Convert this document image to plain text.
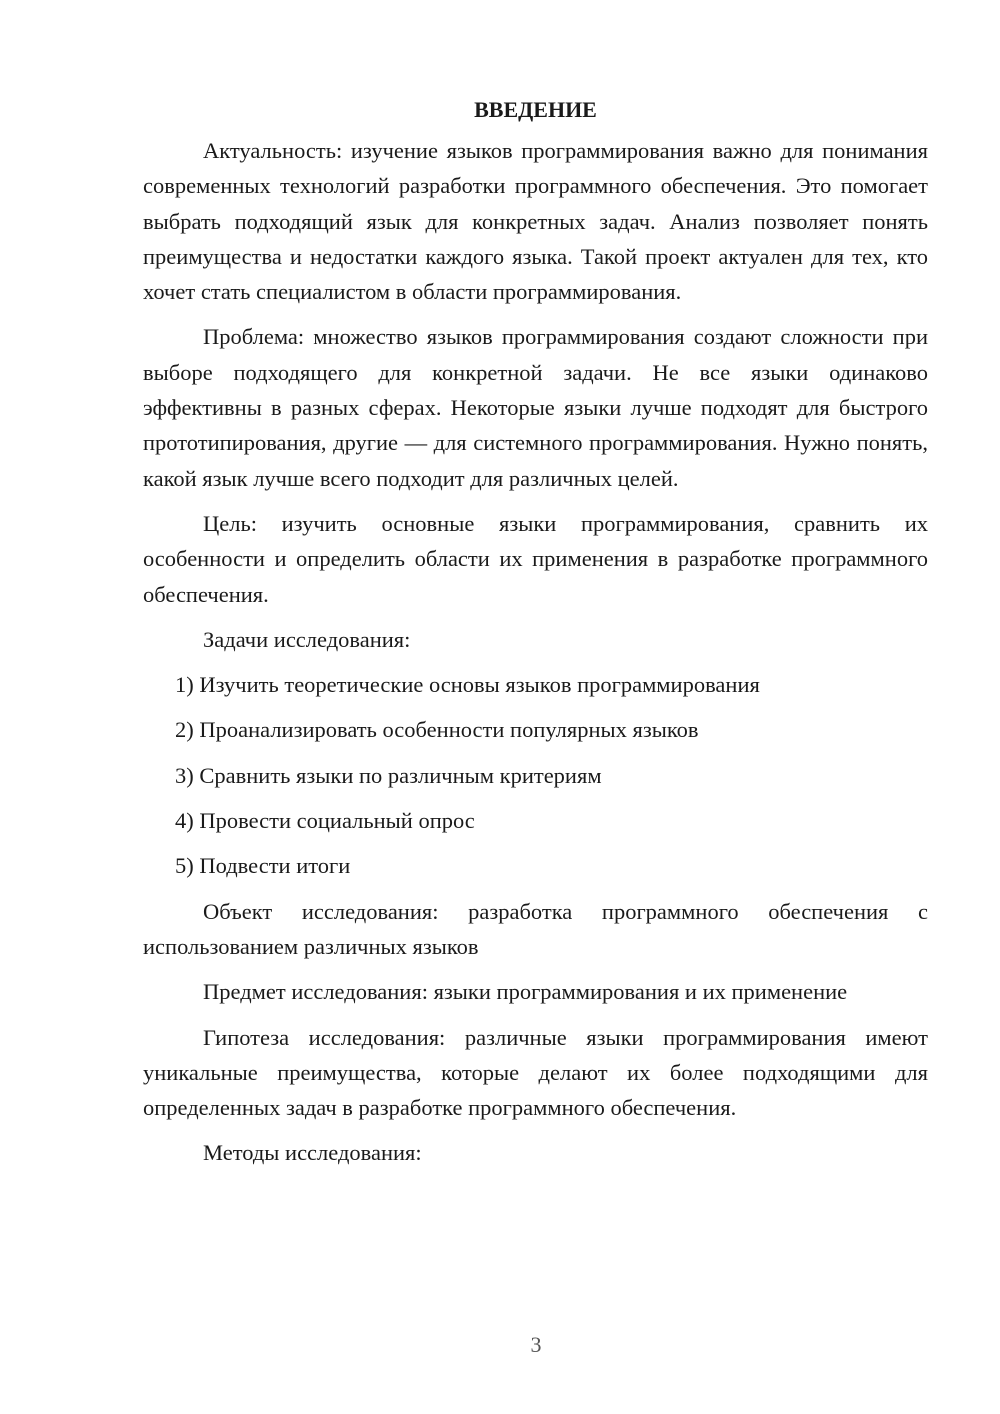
ВВЕДЕНИЕ

Актуальность: изучение языков программирования важно для понимания современных технологий разработки программного обеспечения. Это помогает выбрать подходящий язык для конкретных задач. Анализ позволяет понять преимущества и недостатки каждого языка. Такой проект актуален для тех, кто хочет стать специалистом в области программирования.

Проблема: множество языков программирования создают сложности при выборе подходящего для конкретной задачи. Не все языки одинаково эффективны в разных сферах. Некоторые языки лучше подходят для быстрого прототипирования, другие — для системного программирования. Нужно понять, какой язык лучше всего подходит для различных целей.

Цель: изучить основные языки программирования, сравнить их особенности и определить области их применения в разработке программного обеспечения.

Задачи исследования:

1) Изучить теоретические основы языков программирования

2) Проанализировать особенности популярных языков

3) Сравнить языки по различным критериям

4) Провести социальный опрос

5) Подвести итоги

Объект исследования: разработка программного обеспечения с использованием различных языков

Предмет исследования: языки программирования и их применение

Гипотеза исследования: различные языки программирования имеют уникальные преимущества, которые делают их более подходящими для определенных задач в разработке программного обеспечения.

Методы исследования:

3
